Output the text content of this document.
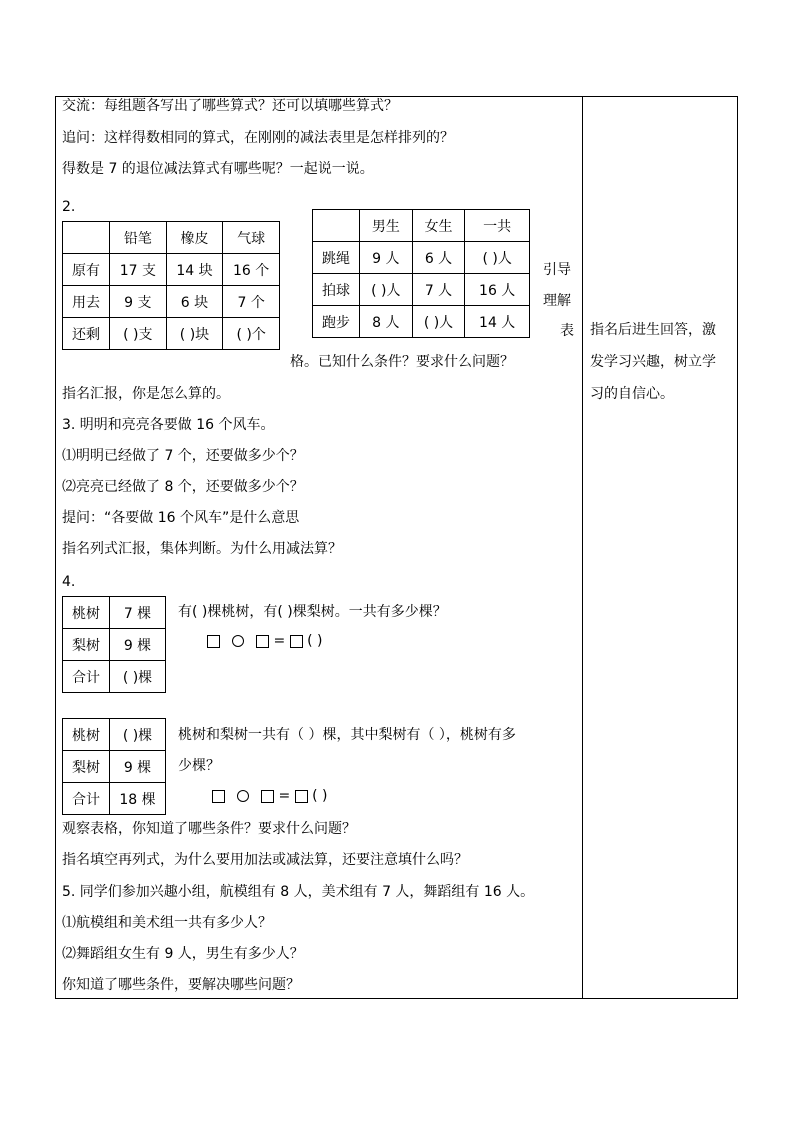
交流：每组题各写出了哪些算式？还可以填哪些算式？
追问：这样得数相同的算式，在刚刚的减法表里是怎样排列的？
得数是 7 的退位减法算式有哪些呢？一起说一说。
2.
	铅笔	橡皮	气球
原有	17 支	14 块	16 个
用去	9 支	6 块	7 个
还剩	( )支	( )块	( )个
	男生	女生	一共
跳绳	9 人	6 人	( )人
拍球	( )人	7 人	16 人
跑步	8 人	( )人	14 人
引导
理解
表
格。已知什么条件？要求什么问题？
指名汇报，你是怎么算的。
3. 明明和亮亮各要做 16 个风车。
⑴明明已经做了 7 个，还要做多少个？
⑵亮亮已经做了 8 个，还要做多少个？
提问：“各要做 16 个风车”是什么意思
指名列式汇报，集体判断。为什么用减法算？
4.
桃树	7 棵
梨树	9 棵
合计	( )棵
有( )棵桃树，有( )棵梨树。一共有多少棵？
= ( )
桃树	( )棵
梨树	9 棵
合计	18 棵
桃树和梨树一共有（ ）棵，其中梨树有（ ），桃树有多
少棵？
= ( )
观察表格，你知道了哪些条件？要求什么问题？
指名填空再列式，为什么要用加法或减法算，还要注意填什么吗？
5. 同学们参加兴趣小组，航模组有 8 人，美术组有 7 人，舞蹈组有 16 人。
⑴航模组和美术组一共有多少人？
⑵舞蹈组女生有 9 人，男生有多少人？
你知道了哪些条件，要解决哪些问题？
指名后进生回答，激
发学习兴趣，树立学
习的自信心。
